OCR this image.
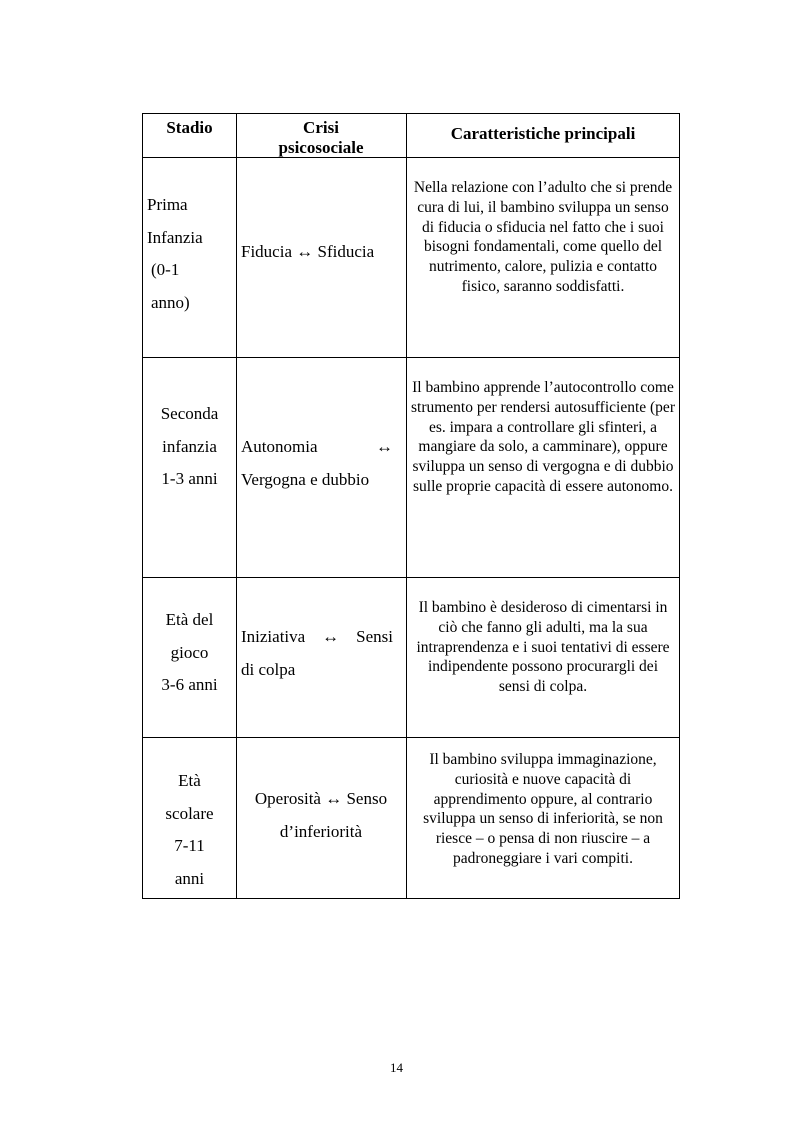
Stadio	Crisi
psicosociale
Caratteristiche principali
Prima
Infanzia
(0-1
anno)
Fiducia ↔ Sfiducia
Nella relazione con l’adulto che si prende cura di lui, il bambino sviluppa un senso di fiducia o sfiducia nel fatto che i suoi bisogni fondamentali, come quello del nutrimento, calore, pulizia e contatto fisico, saranno soddisfatti.
Seconda
infanzia
1-3 anni
Autonomia	↔
Vergogna e dubbio
Il bambino apprende l’autocontrollo come strumento per rendersi autosufficiente (per es. impara a controllare gli sfinteri, a mangiare da solo, a camminare), oppure sviluppa un senso di vergogna e di dubbio sulle proprie capacità di essere autonomo.
Età del
gioco
3-6 anni
Iniziativa ↔ Sensi
di colpa
Il bambino è desideroso di cimentarsi in ciò che fanno gli adulti, ma la sua intraprendenza e i suoi tentativi di essere indipendente possono procurargli dei sensi di colpa.
Età
scolare
7-11
anni
Operosità ↔ Senso
d’inferiorità
Il bambino sviluppa immaginazione, curiosità e nuove capacità di apprendimento oppure, al contrario sviluppa un senso di inferiorità, se non riesce – o pensa di non riuscire – a padroneggiare i vari compiti.
14
